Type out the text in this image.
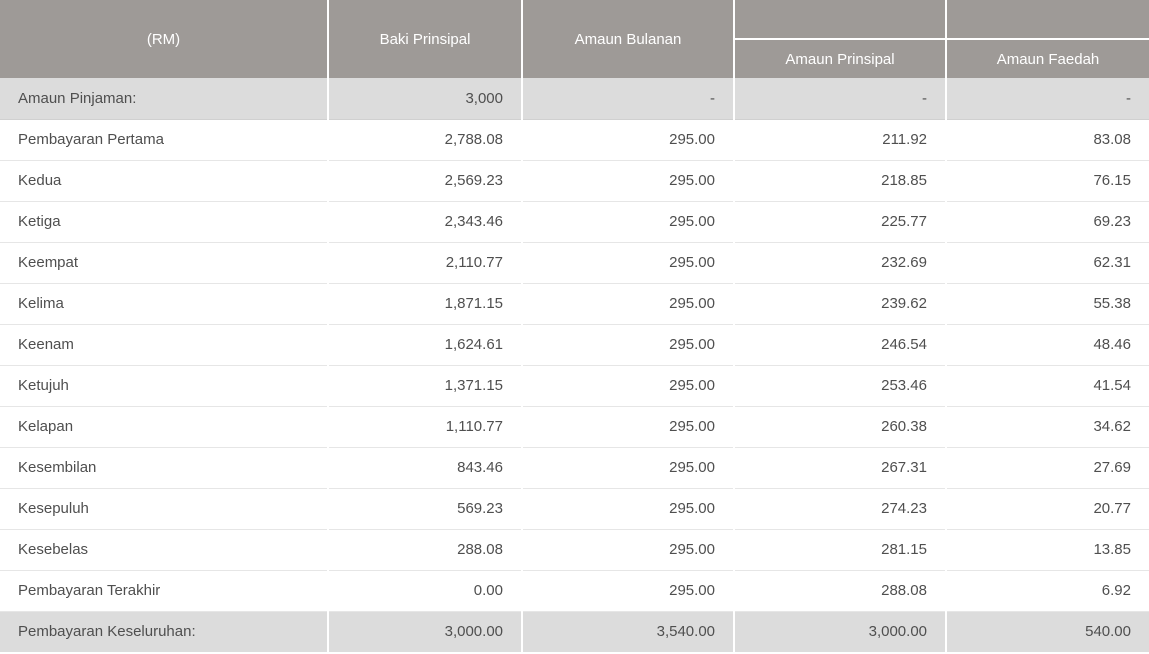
(RM)	Baki Prinsipal	Amaun Bulanan		
			Amaun Prinsipal	Amaun Faedah
Amaun Pinjaman:	3,000	-	-	-
Pembayaran Pertama	2,788.08	295.00	211.92	83.08
Kedua	2,569.23	295.00	218.85	76.15
Ketiga	2,343.46	295.00	225.77	69.23
Keempat	2,110.77	295.00	232.69	62.31
Kelima	1,871.15	295.00	239.62	55.38
Keenam	1,624.61	295.00	246.54	48.46
Ketujuh	1,371.15	295.00	253.46	41.54
Kelapan	1,110.77	295.00	260.38	34.62
Kesembilan	843.46	295.00	267.31	27.69
Kesepuluh	569.23	295.00	274.23	20.77
Kesebelas	288.08	295.00	281.15	13.85
Pembayaran Terakhir	0.00	295.00	288.08	6.92
Pembayaran Keseluruhan:	3,000.00	3,540.00	3,000.00	540.00
